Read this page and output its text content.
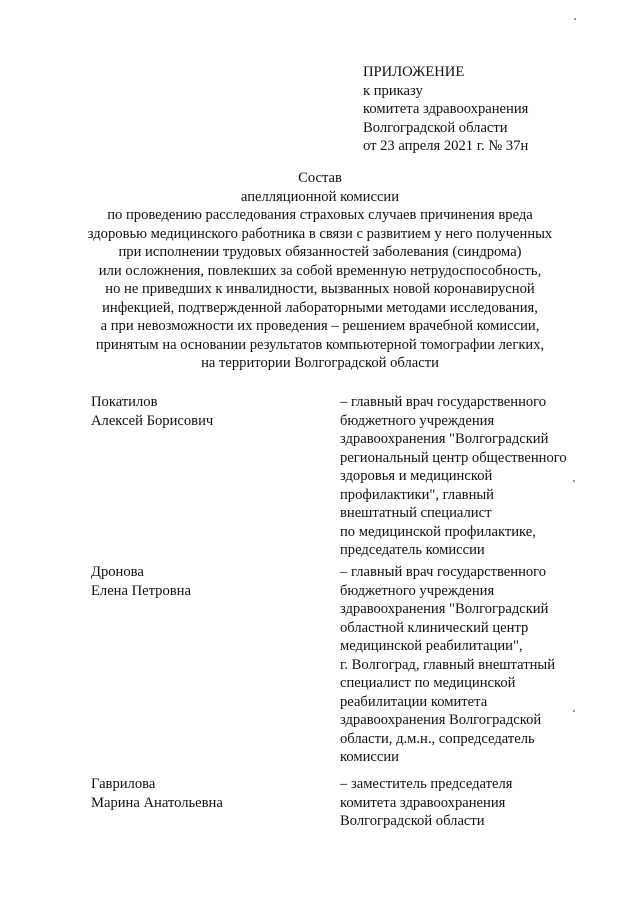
ПРИЛОЖЕНИЕ
к приказу
комитета здравоохранения
Волгоградской области
от 23 апреля 2021 г. № 37н
Состав
апелляционной комиссии
по проведению расследования страховых случаев причинения вреда
здоровью медицинского работника в связи с развитием у него полученных
при исполнении трудовых обязанностей заболевания (синдрома)
или осложнения, повлекших за собой временную нетрудоспособность,
но не приведших к инвалидности, вызванных новой коронавирусной
инфекцией, подтвержденной лабораторными методами исследования,
а при невозможности их проведения – решением врачебной комиссии,
принятым на основании результатов компьютерной томографии легких,
на территории Волгоградской области
Покатилов
Алексей Борисович
– главный врач государственного
бюджетного учреждения
здравоохранения "Волгоградский
региональный центр общественного
здоровья и медицинской
профилактики", главный
внештатный специалист
по медицинской профилактике,
председатель комиссии
Дронова
Елена Петровна
– главный врач государственного
бюджетного учреждения
здравоохранения "Волгоградский
областной клинический центр
медицинской реабилитации",
г. Волгоград, главный внештатный
специалист по медицинской
реабилитации комитета
здравоохранения Волгоградской
области, д.м.н., сопредседатель
комиссии
Гаврилова
Марина Анатольевна
– заместитель председателя
комитета здравоохранения
Волгоградской области
